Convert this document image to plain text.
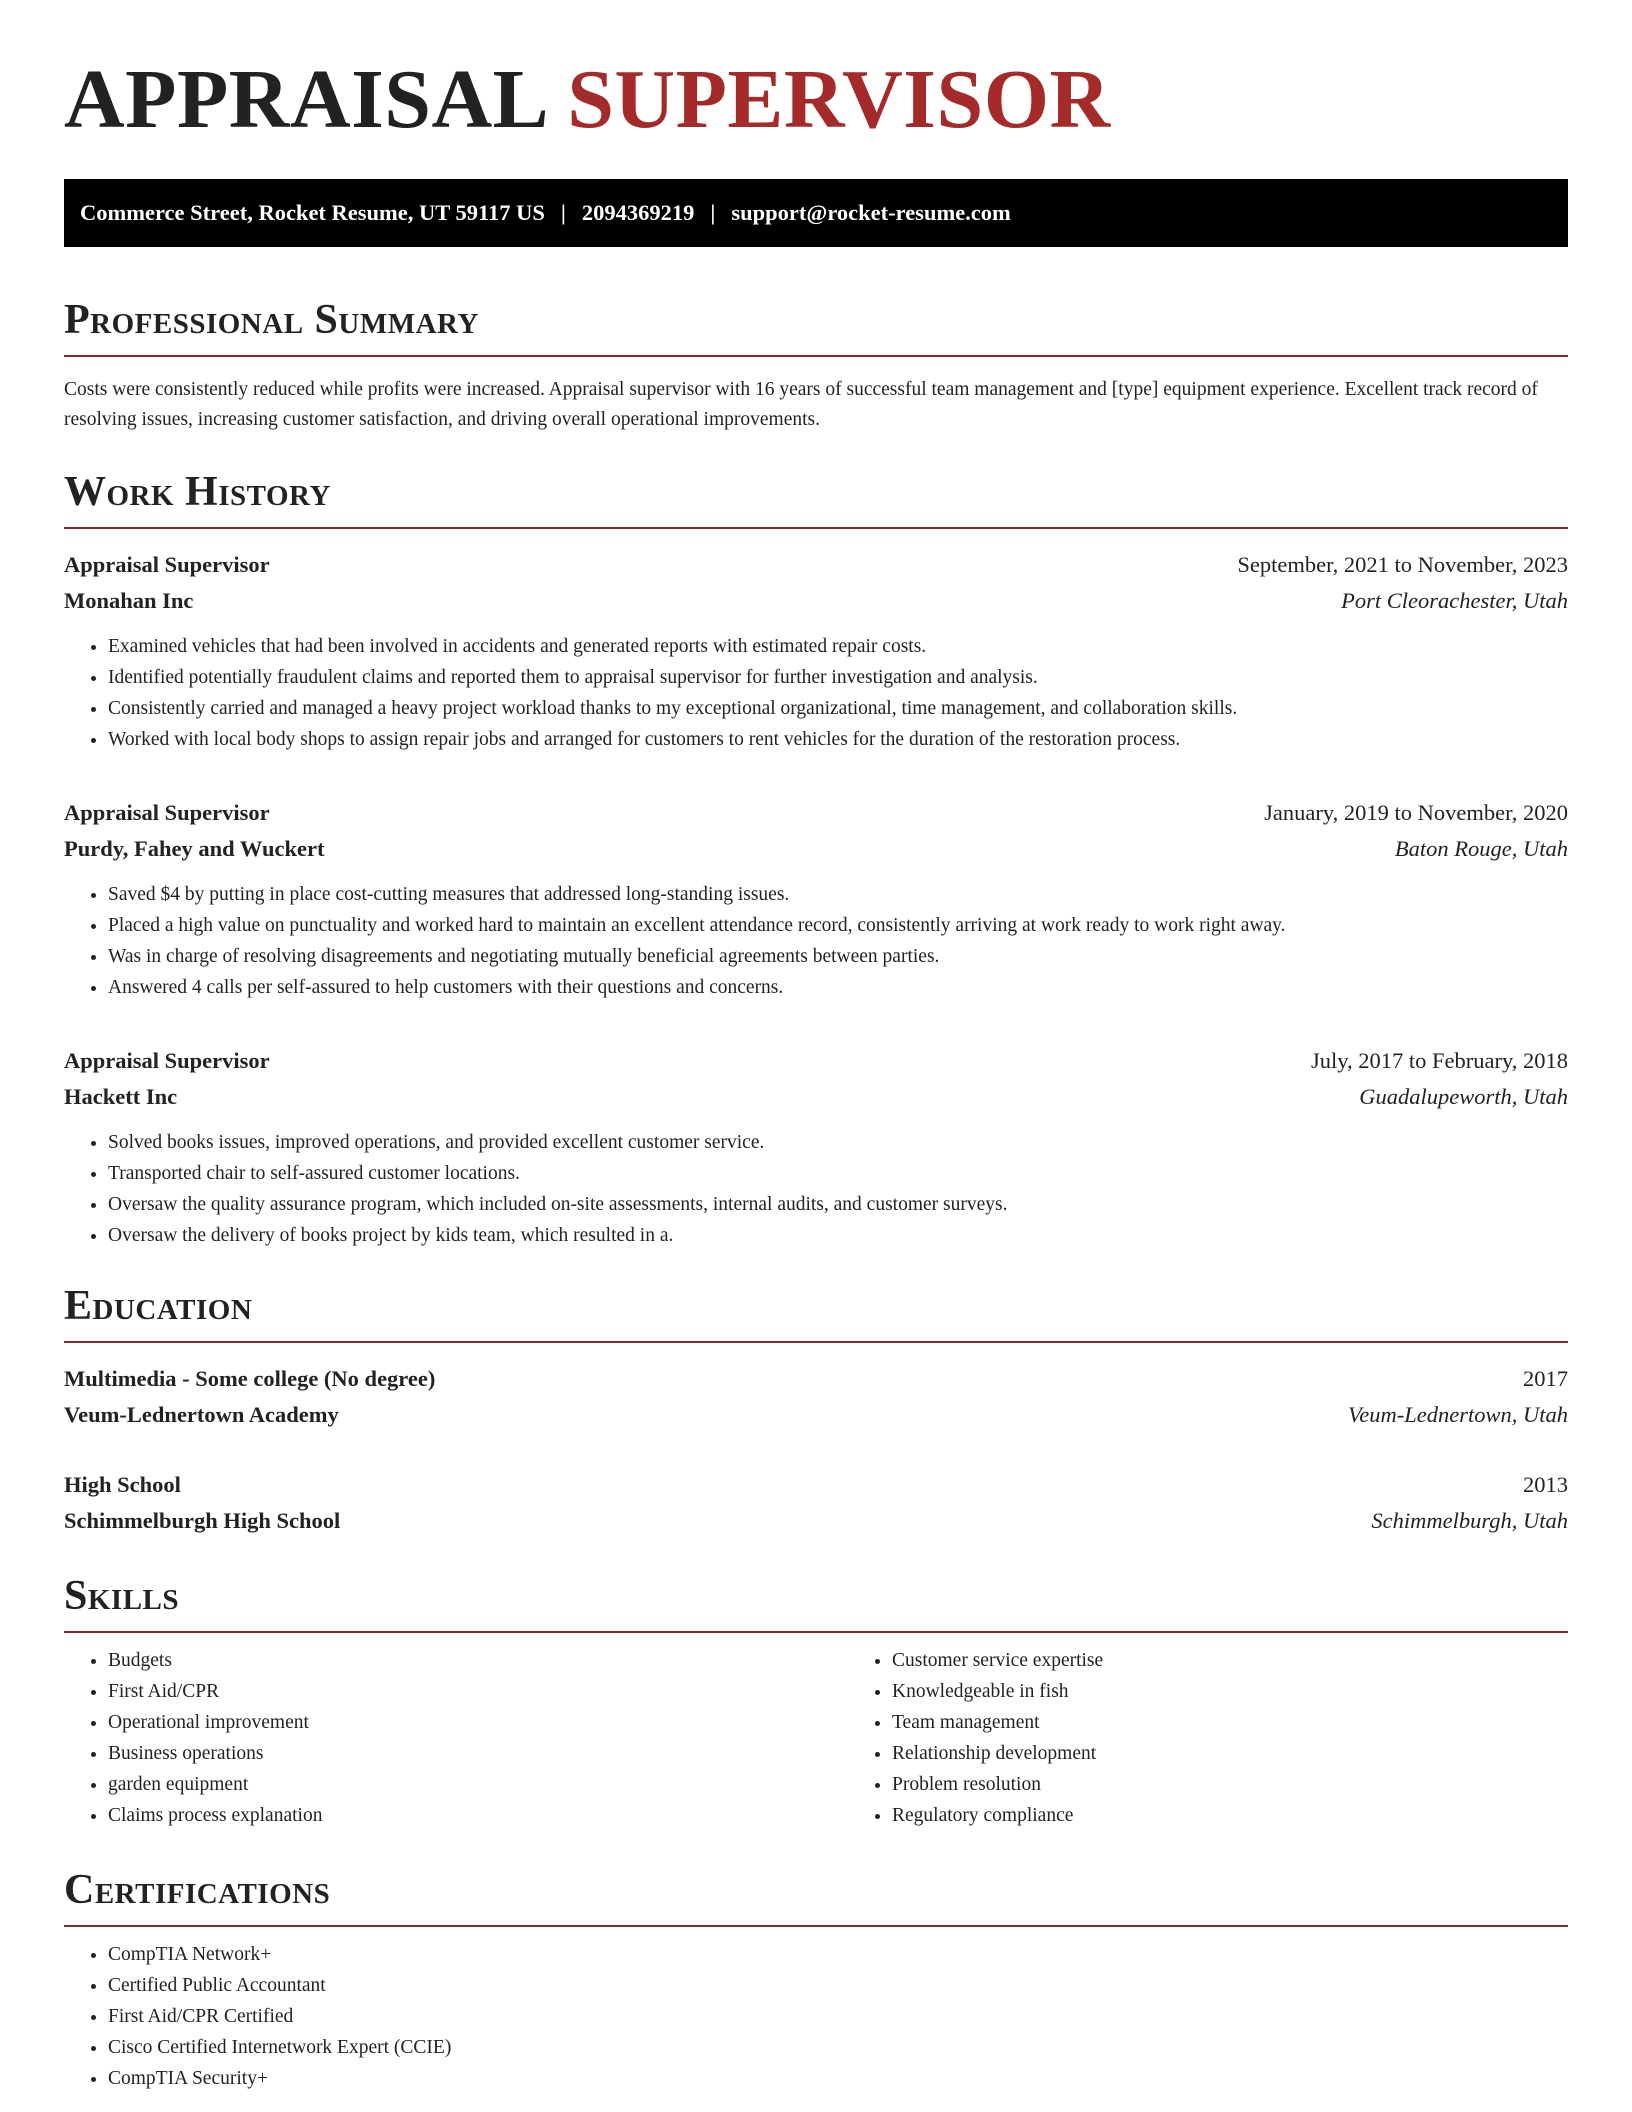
APPRAISAL SUPERVISOR
Commerce Street, Rocket Resume, UT 59117 US | 2094369219 | support@rocket-resume.com
Professional Summary

Costs were consistently reduced while profits were increased. Appraisal supervisor with 16 years of successful team management and [type] equipment experience. Excellent track record of resolving issues, increasing customer satisfaction, and driving overall operational improvements.

Work History
Appraisal Supervisor	September, 2021 to November, 2023
Monahan Inc	Port Cleorachester, Utah
• Examined vehicles that had been involved in accidents and generated reports with estimated repair costs.
• Identified potentially fraudulent claims and reported them to appraisal supervisor for further investigation and analysis.
• Consistently carried and managed a heavy project workload thanks to my exceptional organizational, time management, and collaboration skills.
• Worked with local body shops to assign repair jobs and arranged for customers to rent vehicles for the duration of the restoration process.
Appraisal Supervisor	January, 2019 to November, 2020
Purdy, Fahey and Wuckert	Baton Rouge, Utah
• Saved $4 by putting in place cost-cutting measures that addressed long-standing issues.
• Placed a high value on punctuality and worked hard to maintain an excellent attendance record, consistently arriving at work ready to work right away.
• Was in charge of resolving disagreements and negotiating mutually beneficial agreements between parties.
• Answered 4 calls per self-assured to help customers with their questions and concerns.
Appraisal Supervisor	July, 2017 to February, 2018
Hackett Inc	Guadalupeworth, Utah
• Solved books issues, improved operations, and provided excellent customer service.
• Transported chair to self-assured customer locations.
• Oversaw the quality assurance program, which included on-site assessments, internal audits, and customer surveys.
• Oversaw the delivery of books project by kids team, which resulted in a.
Education
Multimedia - Some college (No degree)	2017
Veum-Lednertown Academy	Veum-Lednertown, Utah
High School	2013
Schimmelburgh High School	Schimmelburgh, Utah
Skills
• Budgets
• First Aid/CPR
• Operational improvement
• Business operations
• garden equipment
• Claims process explanation
• Customer service expertise
• Knowledgeable in fish
• Team management
• Relationship development
• Problem resolution
• Regulatory compliance
Certifications
• CompTIA Network+
• Certified Public Accountant
• First Aid/CPR Certified
• Cisco Certified Internetwork Expert (CCIE)
• CompTIA Security+
